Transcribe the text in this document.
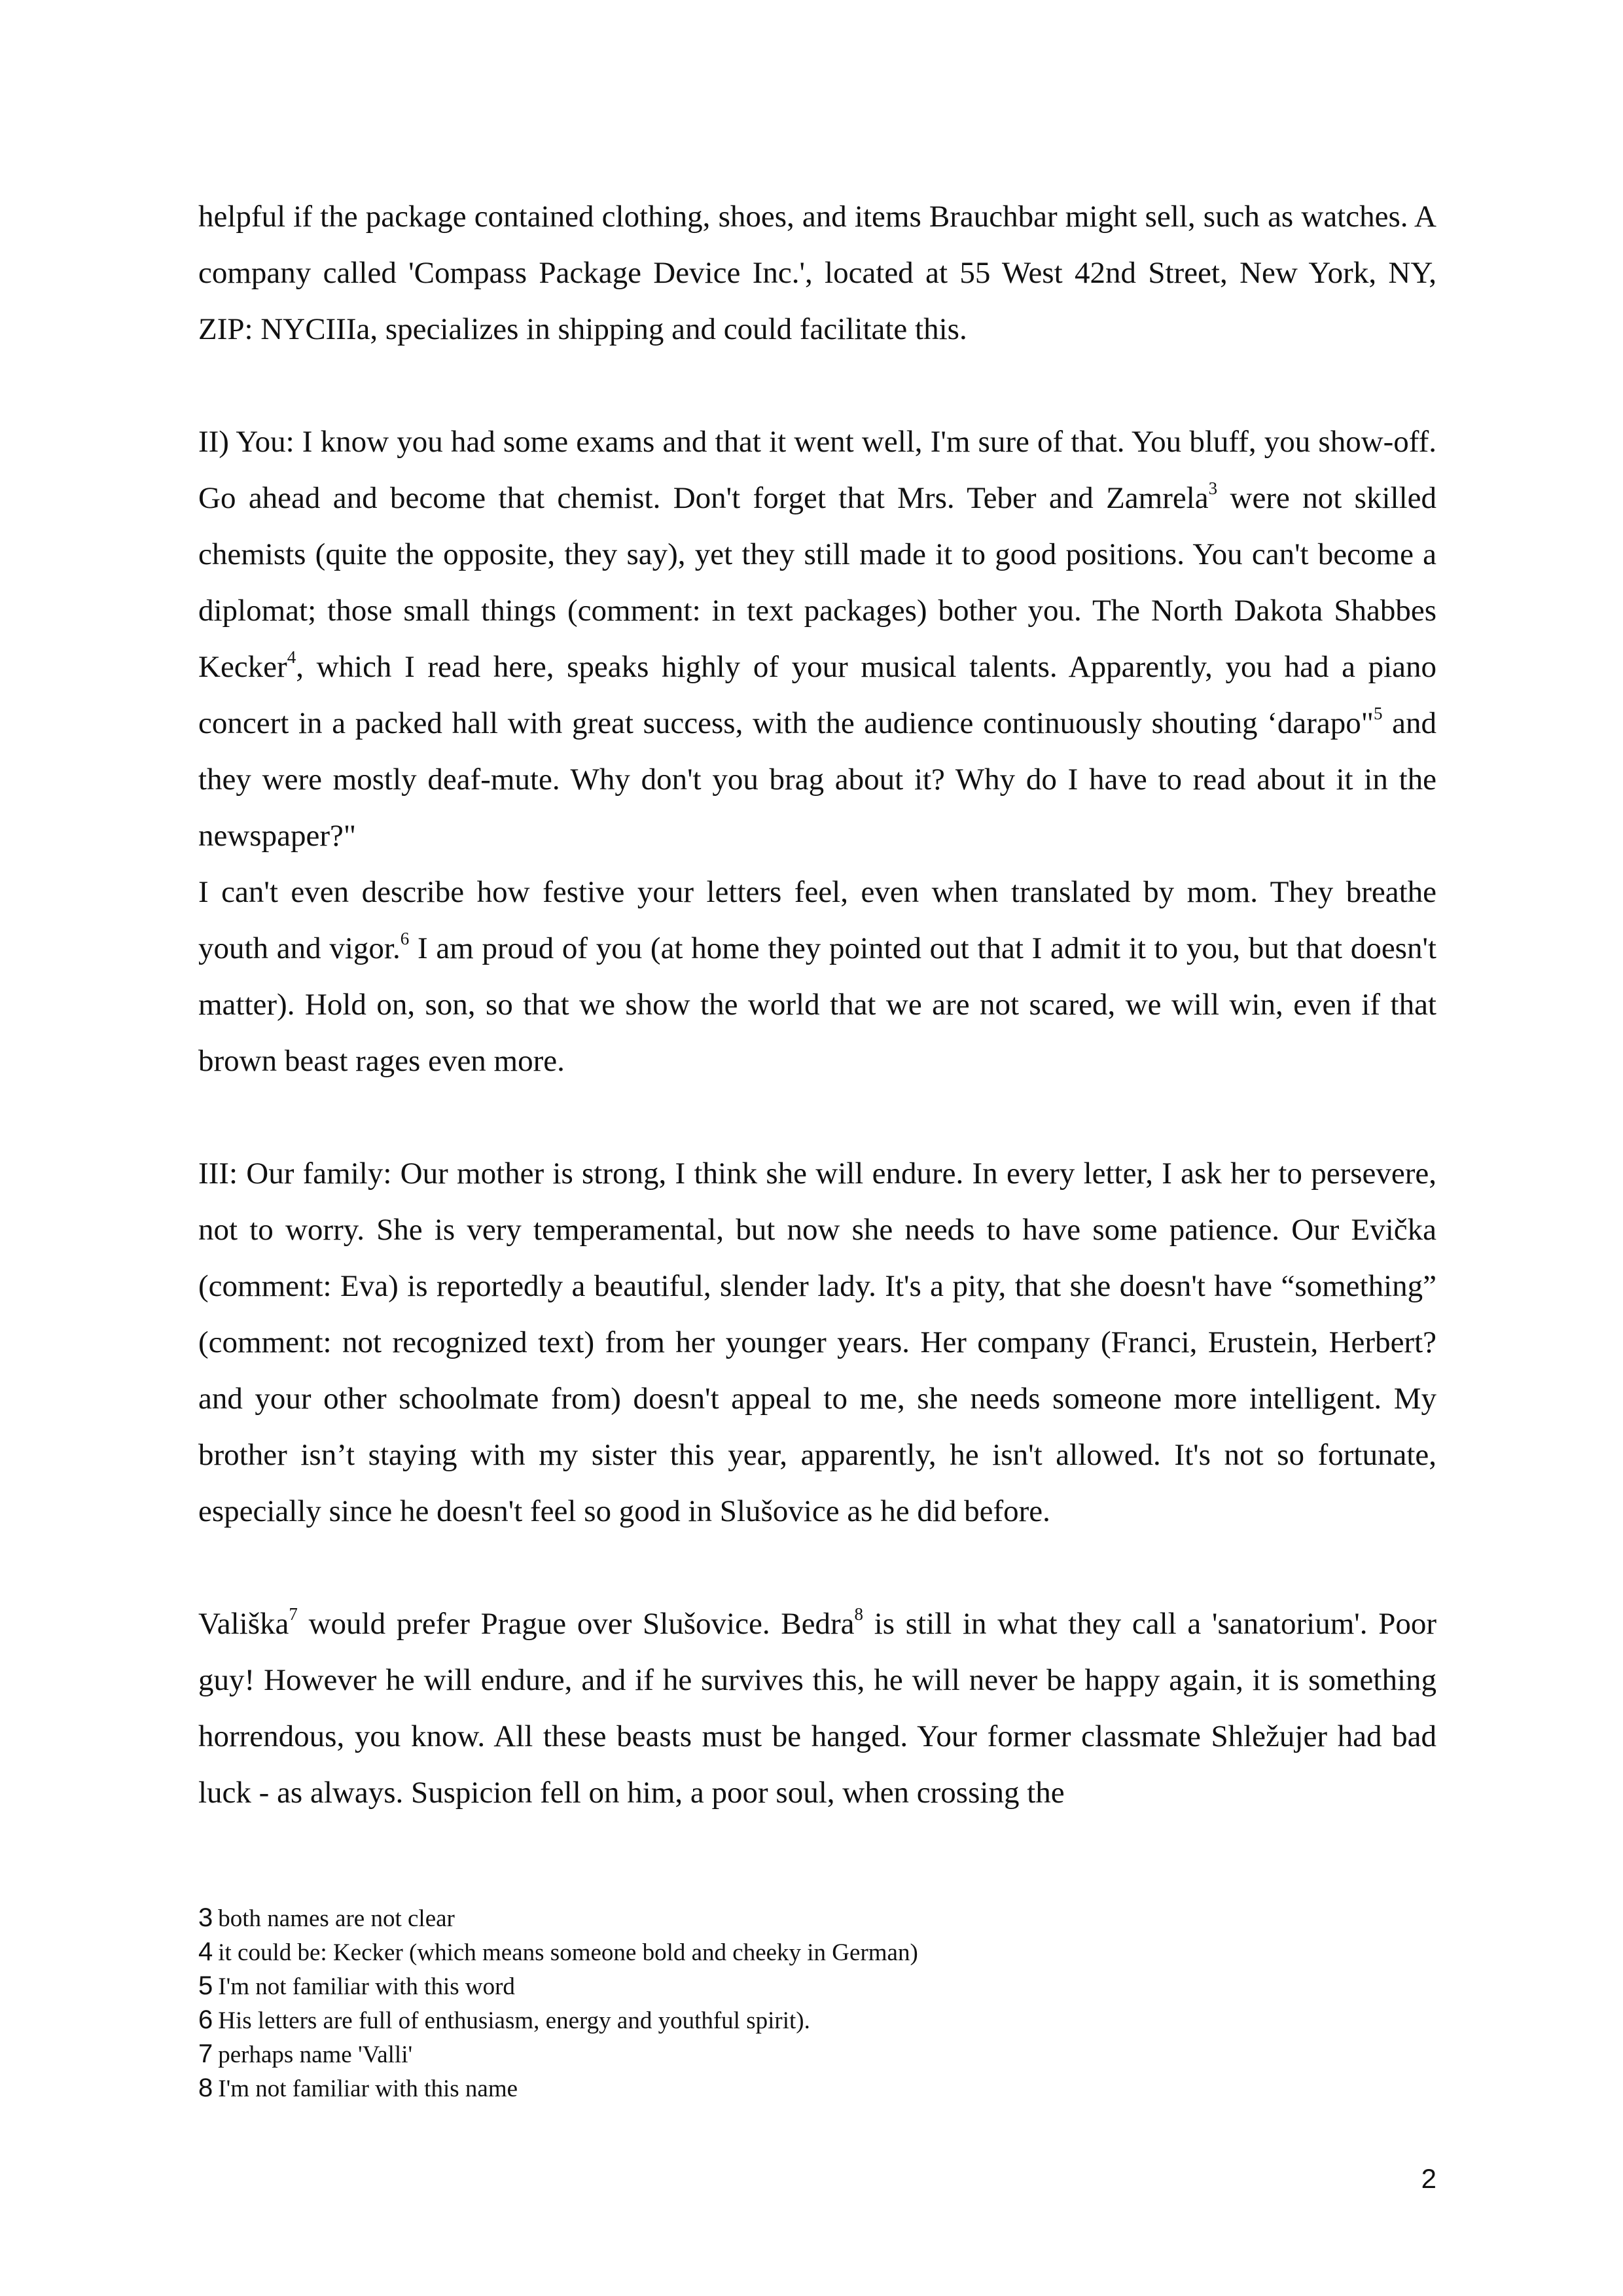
helpful if the package contained clothing, shoes, and items Brauchbar might sell, such as watches. A company called 'Compass Package Device Inc.', located at 55 West 42nd Street, New York, NY, ZIP: NYCIIIa, specializes in shipping and could facilitate this.

II) You: I know you had some exams and that it went well, I'm sure of that. You bluff, you show-off. Go ahead and become that chemist. Don't forget that Mrs. Teber and Zamrela$^3$ were not skilled chemists (quite the opposite, they say), yet they still made it to good positions. You can't become a diplomat; those small things (comment: in text packages) bother you. The North Dakota Shabbes Kecker$^4$, which I read here, speaks highly of your musical talents. Apparently, you had a piano concert in a packed hall with great success, with the audience continuously shouting ‘darapo"$^5$ and they were mostly deaf-mute. Why don't you brag about it? Why do I have to read about it in the newspaper?"

I can't even describe how festive your letters feel, even when translated by mom. They breathe youth and vigor.$^6$ I am proud of you (at home they pointed out that I admit it to you, but that doesn't matter). Hold on, son, so that we show the world that we are not scared, we will win, even if that brown beast rages even more.

III: Our family: Our mother is strong, I think she will endure. In every letter, I ask her to persevere, not to worry. She is very temperamental, but now she needs to have some patience. Our Evička (comment: Eva) is reportedly a beautiful, slender lady. It's a pity, that she doesn't have “something” (comment: not recognized text) from her younger years. Her company (Franci, Erustein, Herbert? and your other schoolmate from) doesn't appeal to me, she needs someone more intelligent. My brother isn’t staying with my sister this year, apparently, he isn't allowed. It's not so fortunate, especially since he doesn't feel so good in Slušovice as he did before.

Vališka$^7$ would prefer Prague over Slušovice. Bedra$^8$ is still in what they call a 'sanatorium'. Poor guy! However he will endure, and if he survives this, he will never be happy again, it is something horrendous, you know. All these beasts must be hanged. Your former classmate Shležujer had bad luck - as always. Suspicion fell on him, a poor soul, when crossing the

3 both names are not clear

4 it could be: Kecker (which means someone bold and cheeky in German)

5 I'm not familiar with this word

6 His letters are full of enthusiasm, energy and youthful spirit).

7 perhaps name 'Valli'

8 I'm not familiar with this name

2
